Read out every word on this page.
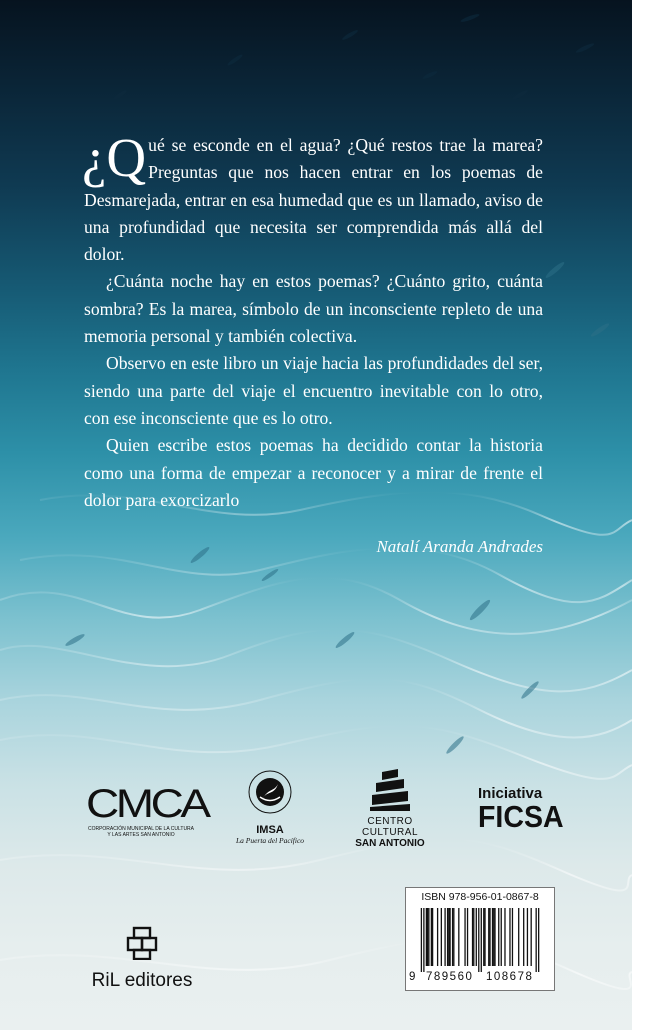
¿Q ué se esconde en el agua? ¿Qué restos trae la marea? Preguntas que nos hacen entrar en los poemas de Desmarejada, entrar en esa humedad que es un llamado, aviso de una profundidad que necesita ser comprendida más allá del dolor.

¿Cuánta noche hay en estos poemas? ¿Cuánto grito, cuánta sombra? Es la marea, símbolo de un inconsciente repleto de una memoria personal y también colectiva.

Observo en este libro un viaje hacia las profundidades del ser, siendo una parte del viaje el encuentro inevitable con lo otro, con ese inconsciente que es lo otro.

Quien escribe estos poemas ha decidido contar la historia como una forma de empezar a reconocer y a mirar de frente el dolor para exorcizarlo

Natalí Aranda Andrades
CMCA
CORPORACIÓN MUNICIPAL DE LA CULTURA Y LAS ARTES SAN ANTONIO	IMSA
La Puerta del Pacífico
CENTRO CULTURAL
SAN ANTONIO
Iniciativa
FICSA
RiL editores
ISBN 978-956-01-0867-8
9 789560 108678
